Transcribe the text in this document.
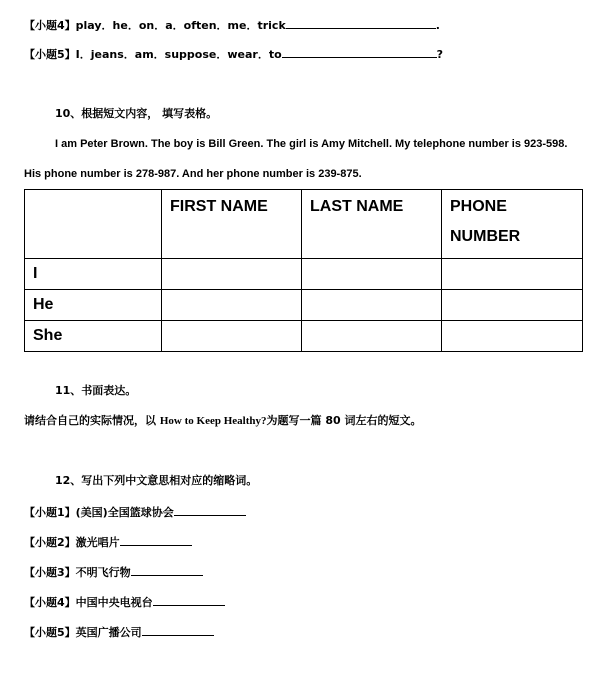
【小题4】play．he．on．a．often．me．trick	.
【小题5】I．jeans．am．suppose．wear．to	?
10、根据短文内容， 填写表格。
I am Peter Brown. The boy is Bill Green. The girl is Amy Mitchell. My telephone number is 923-598.
His phone number is 278-987. And her phone number is 239-875.
	FIRST NAME	LAST NAME	PHONE NUMBER
I			
He			
She			
11、书面表达。
请结合自己的实际情况，以 How to Keep Healthy?为题写一篇 80 词左右的短文。
12、写出下列中文意思相对应的缩略词。
【小题1】(美国)全国篮球协会
【小题2】激光唱片
【小题3】不明飞行物
【小题4】中国中央电视台
【小题5】英国广播公司
